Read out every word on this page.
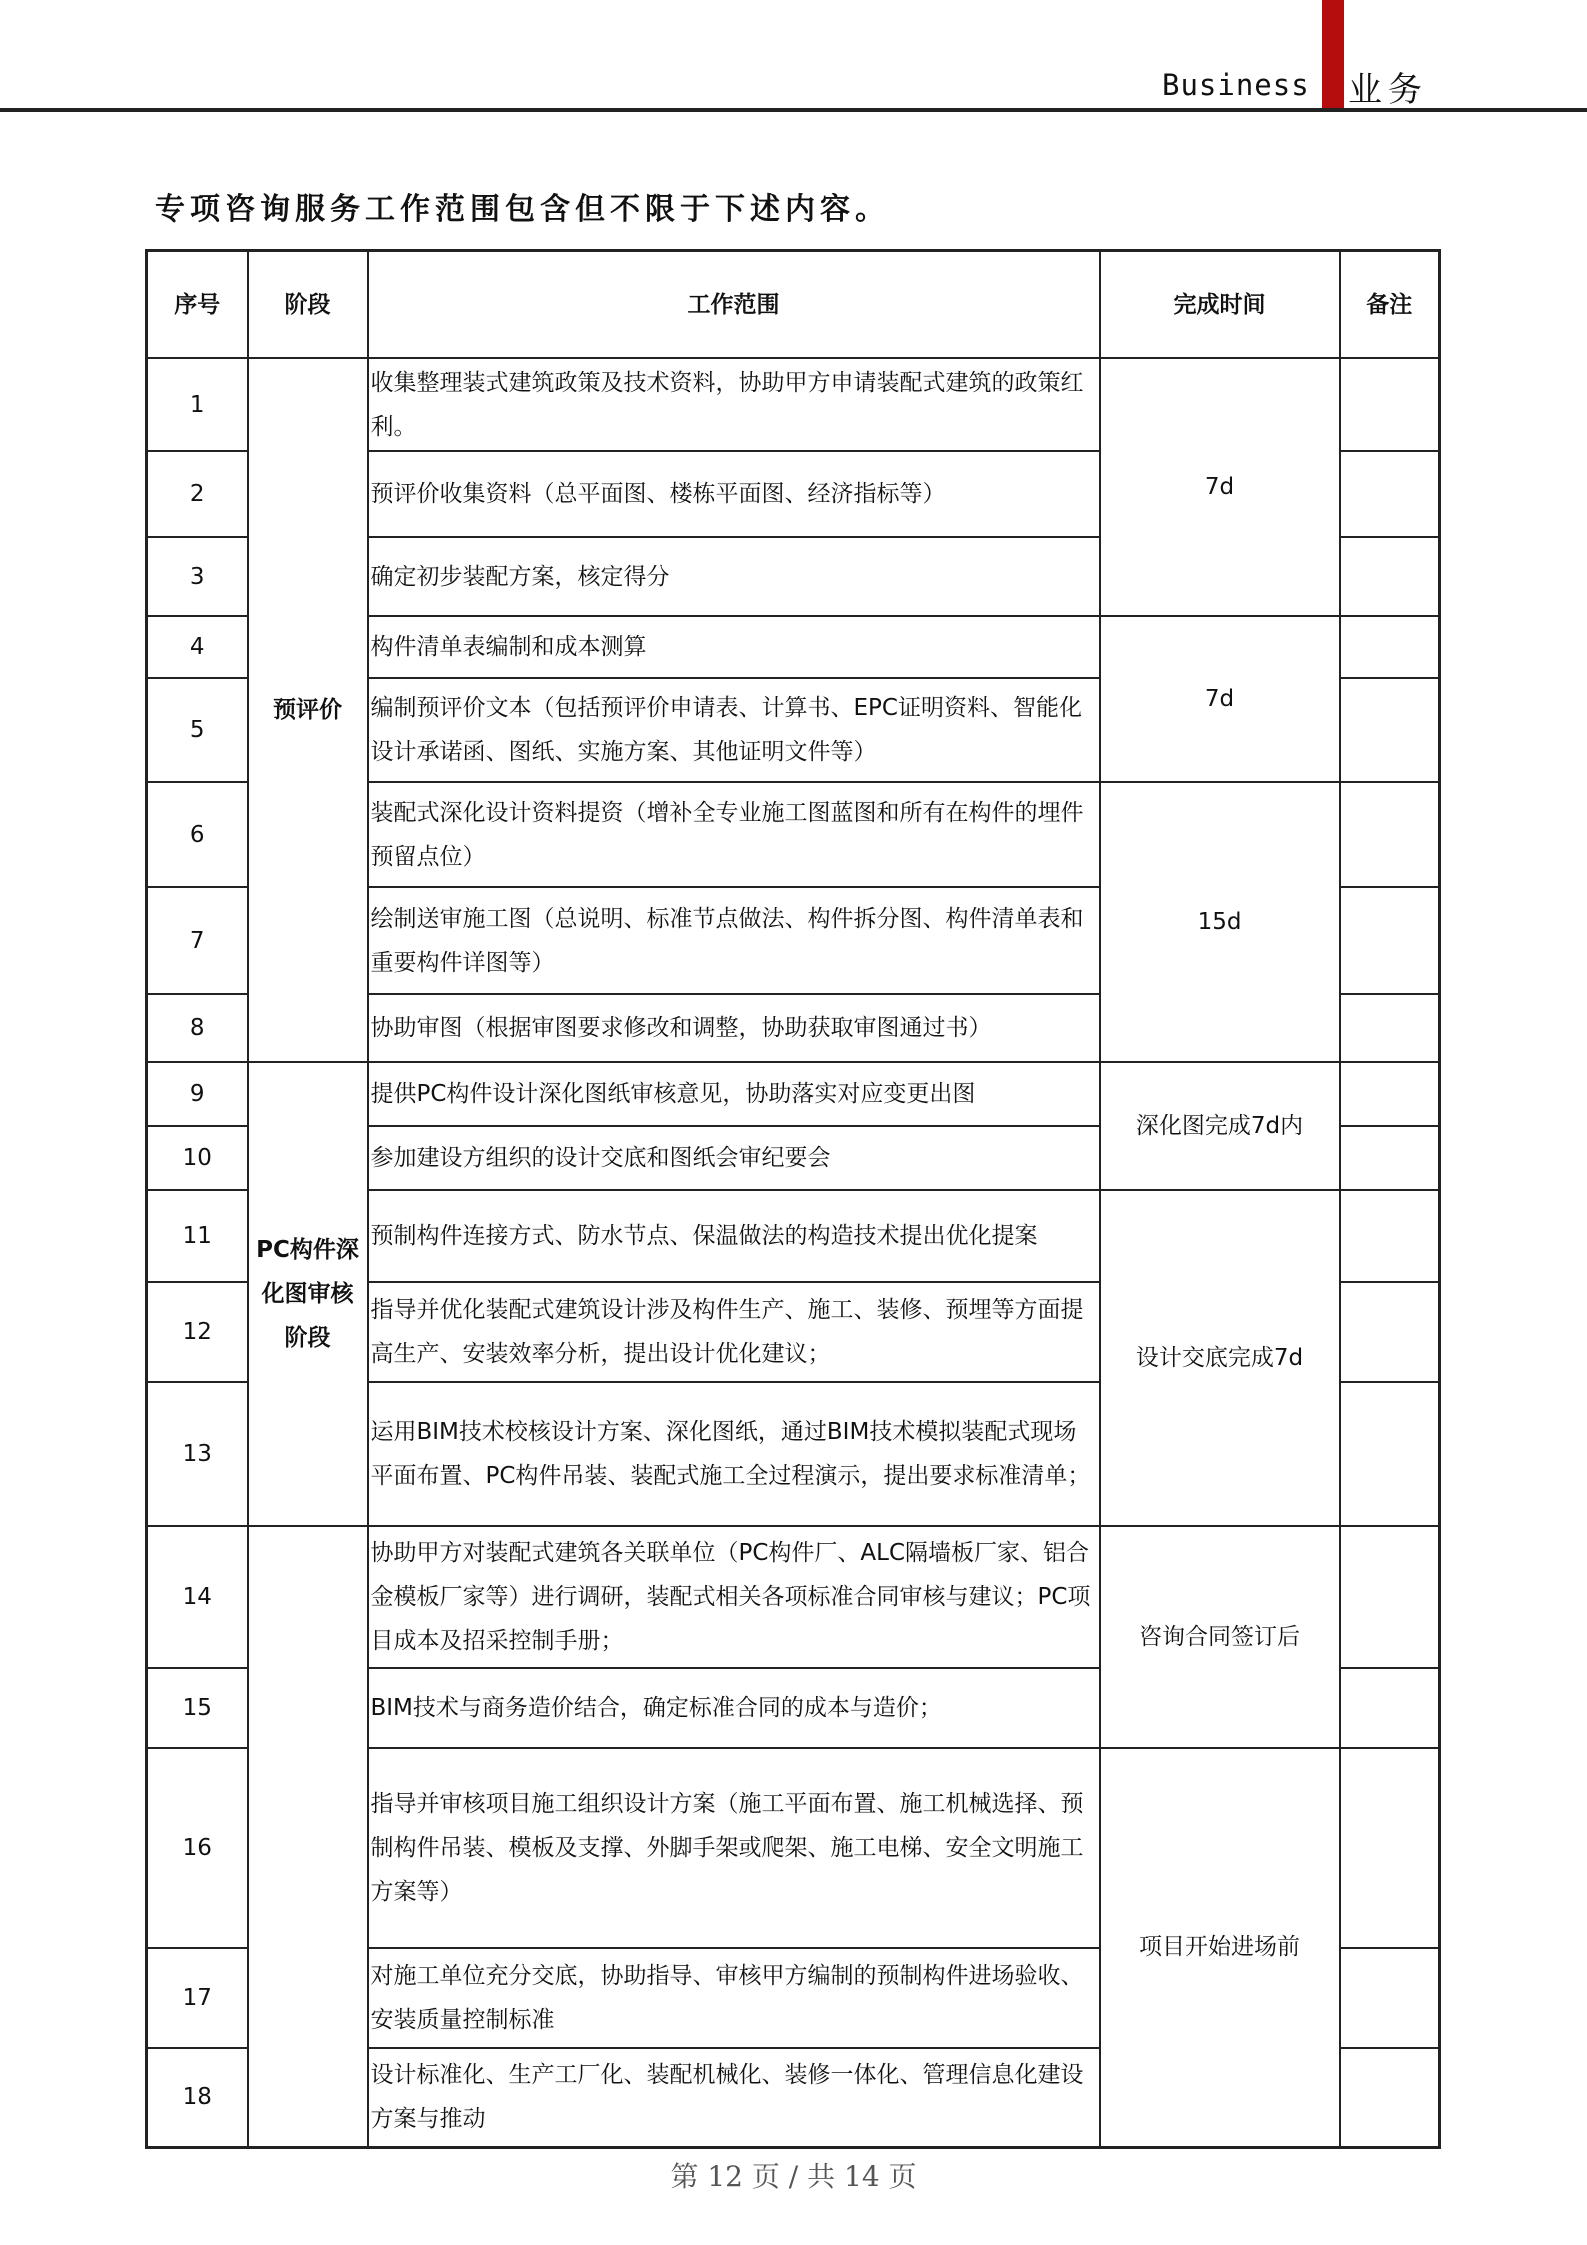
Business 业务
专项咨询服务工作范围包含但不限于下述内容。
序号	阶段	工作范围	完成时间	备注
1	预评价	收集整理装式建筑政策及技术资料，协助甲方申请装配式建筑的政策红利。	7d	
2		预评价收集资料（总平面图、楼栋平面图、经济指标等）		
3		确定初步装配方案，核定得分		
4		构件清单表编制和成本测算	7d	
5		编制预评价文本（包括预评价申请表、计算书、EPC证明资料、智能化设计承诺函、图纸、实施方案、其他证明文件等）		
6		装配式深化设计资料提资（增补全专业施工图蓝图和所有在构件的埋件预留点位）	15d	
7		绘制送审施工图（总说明、标准节点做法、构件拆分图、构件清单表和重要构件详图等）		
8		协助审图（根据审图要求修改和调整，协助获取审图通过书）		
9	PC构件深化图审核阶段	提供PC构件设计深化图纸审核意见，协助落实对应变更出图	深化图完成7d内	
10		参加建设方组织的设计交底和图纸会审纪要会		
11		预制构件连接方式、防水节点、保温做法的构造技术提出优化提案	设计交底完成7d	
12		指导并优化装配式建筑设计涉及构件生产、施工、装修、预埋等方面提高生产、安装效率分析，提出设计优化建议；		
13		运用BIM技术校核设计方案、深化图纸，通过BIM技术模拟装配式现场平面布置、PC构件吊装、装配式施工全过程演示，提出要求标准清单；		
14		协助甲方对装配式建筑各关联单位（PC构件厂、ALC隔墙板厂家、铝合金模板厂家等）进行调研，装配式相关各项标准合同审核与建议；PC项目成本及招采控制手册；	咨询合同签订后	
15		BIM技术与商务造价结合，确定标准合同的成本与造价；		
16		指导并审核项目施工组织设计方案（施工平面布置、施工机械选择、预制构件吊装、模板及支撑、外脚手架或爬架、施工电梯、安全文明施工方案等）	项目开始进场前	
17		对施工单位充分交底，协助指导、审核甲方编制的预制构件进场验收、安装质量控制标准		
18		设计标准化、生产工厂化、装配机械化、装修一体化、管理信息化建设方案与推动		
第 12 页 / 共 14 页
